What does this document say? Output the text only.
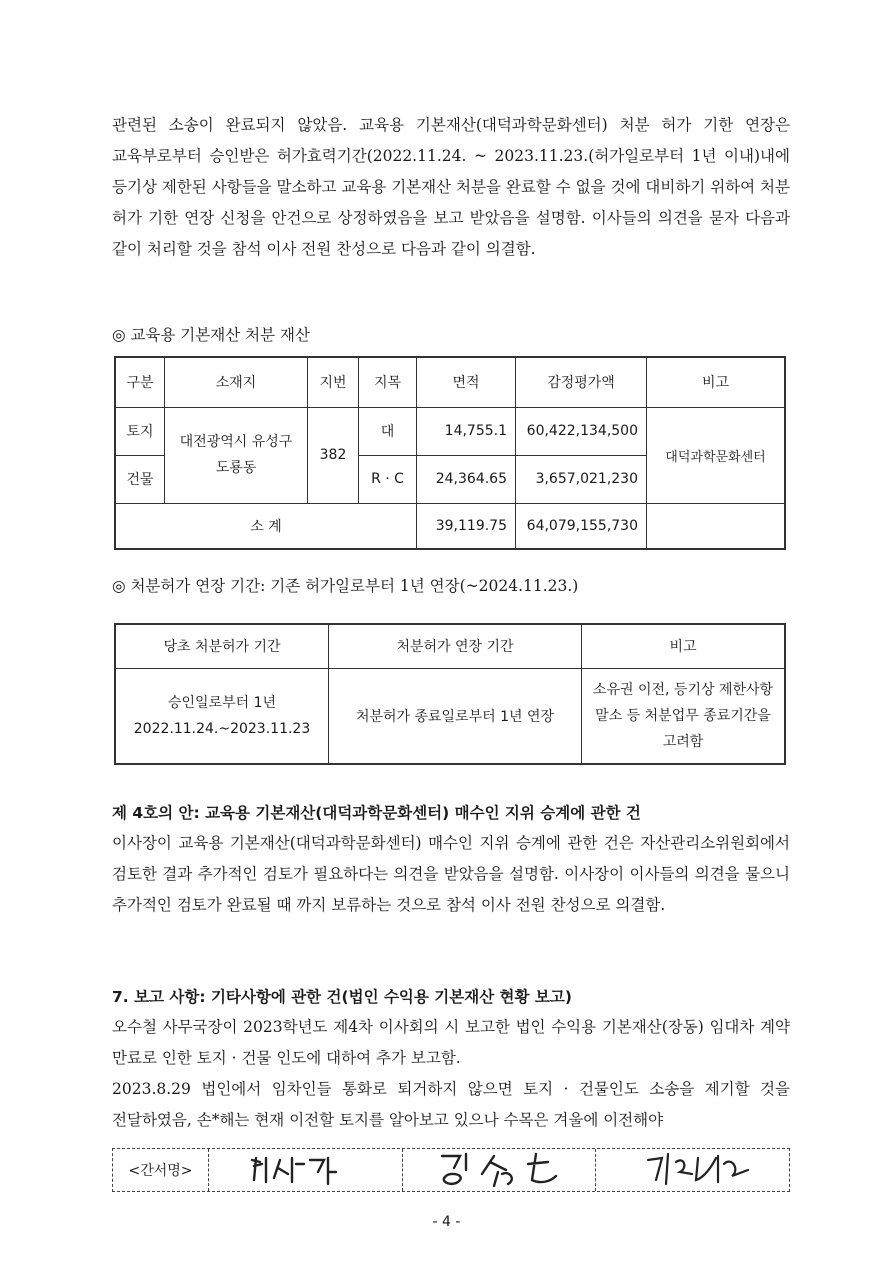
관련된 소송이 완료되지 않았음. 교육용 기본재산(대덕과학문화센터) 처분 허가 기한 연장은 교육부로부터 승인받은 허가효력기간(2022.11.24. ~ 2023.11.23.(허가일로부터 1년 이내)내에 등기상 제한된 사항들을 말소하고 교육용 기본재산 처분을 완료할 수 없을 것에 대비하기 위하여 처분 허가 기한 연장 신청을 안건으로 상정하였음을 보고 받았음을 설명함. 이사들의 의견을 묻자 다음과 같이 처리할 것을 참석 이사 전원 찬성으로 다음과 같이 의결함.
◎ 교육용 기본재산 처분 재산
구분	소재지	지번	지목	면적	감정평가액	비고
토지	대전광역시 유성구 도룡동	382	대	14,755.1	60,422,134,500	대덕과학문화센터
건물			R · C	24,364.65	3,657,021,230	
소 계				39,119.75	64,079,155,730	
◎ 처분허가 연장 기간: 기존 허가일로부터 1년 연장(~2024.11.23.)
당초 처분허가 기간	처분허가 연장 기간	비고

승인일로부터 1년
2022.11.24.~2023.11.23	처분허가 종료일로부터 1년 연장	소유권 이전, 등기상 제한사항 말소 등 처분업무 종료기간을 고려함
제 4호의 안: 교육용 기본재산(대덕과학문화센터) 매수인 지위 승계에 관한 건
이사장이 교육용 기본재산(대덕과학문화센터) 매수인 지위 승계에 관한 건은 자산관리소위원회에서 검토한 결과 추가적인 검토가 필요하다는 의견을 받았음을 설명함. 이사장이 이사들의 의견을 물으니 추가적인 검토가 완료될 때 까지 보류하는 것으로 참석 이사 전원 찬성으로 의결함.
7. 보고 사항: 기타사항에 관한 건(법인 수익용 기본재산 현황 보고)
오수철 사무국장이 2023학년도 제4차 이사회의 시 보고한 법인 수익용 기본재산(장동) 임대차 계약 만료로 인한 토지 · 건물 인도에 대하여 추가 보고함.
2023.8.29 법인에서 임차인들 통화로 퇴거하지 않으면 토지 · 건물인도 소송을 제기할 것을 전달하였음, 손*해는 현재 이전할 토지를 알아보고 있으나 수목은 겨울에 이전해야
<간서명>
- 4 -
